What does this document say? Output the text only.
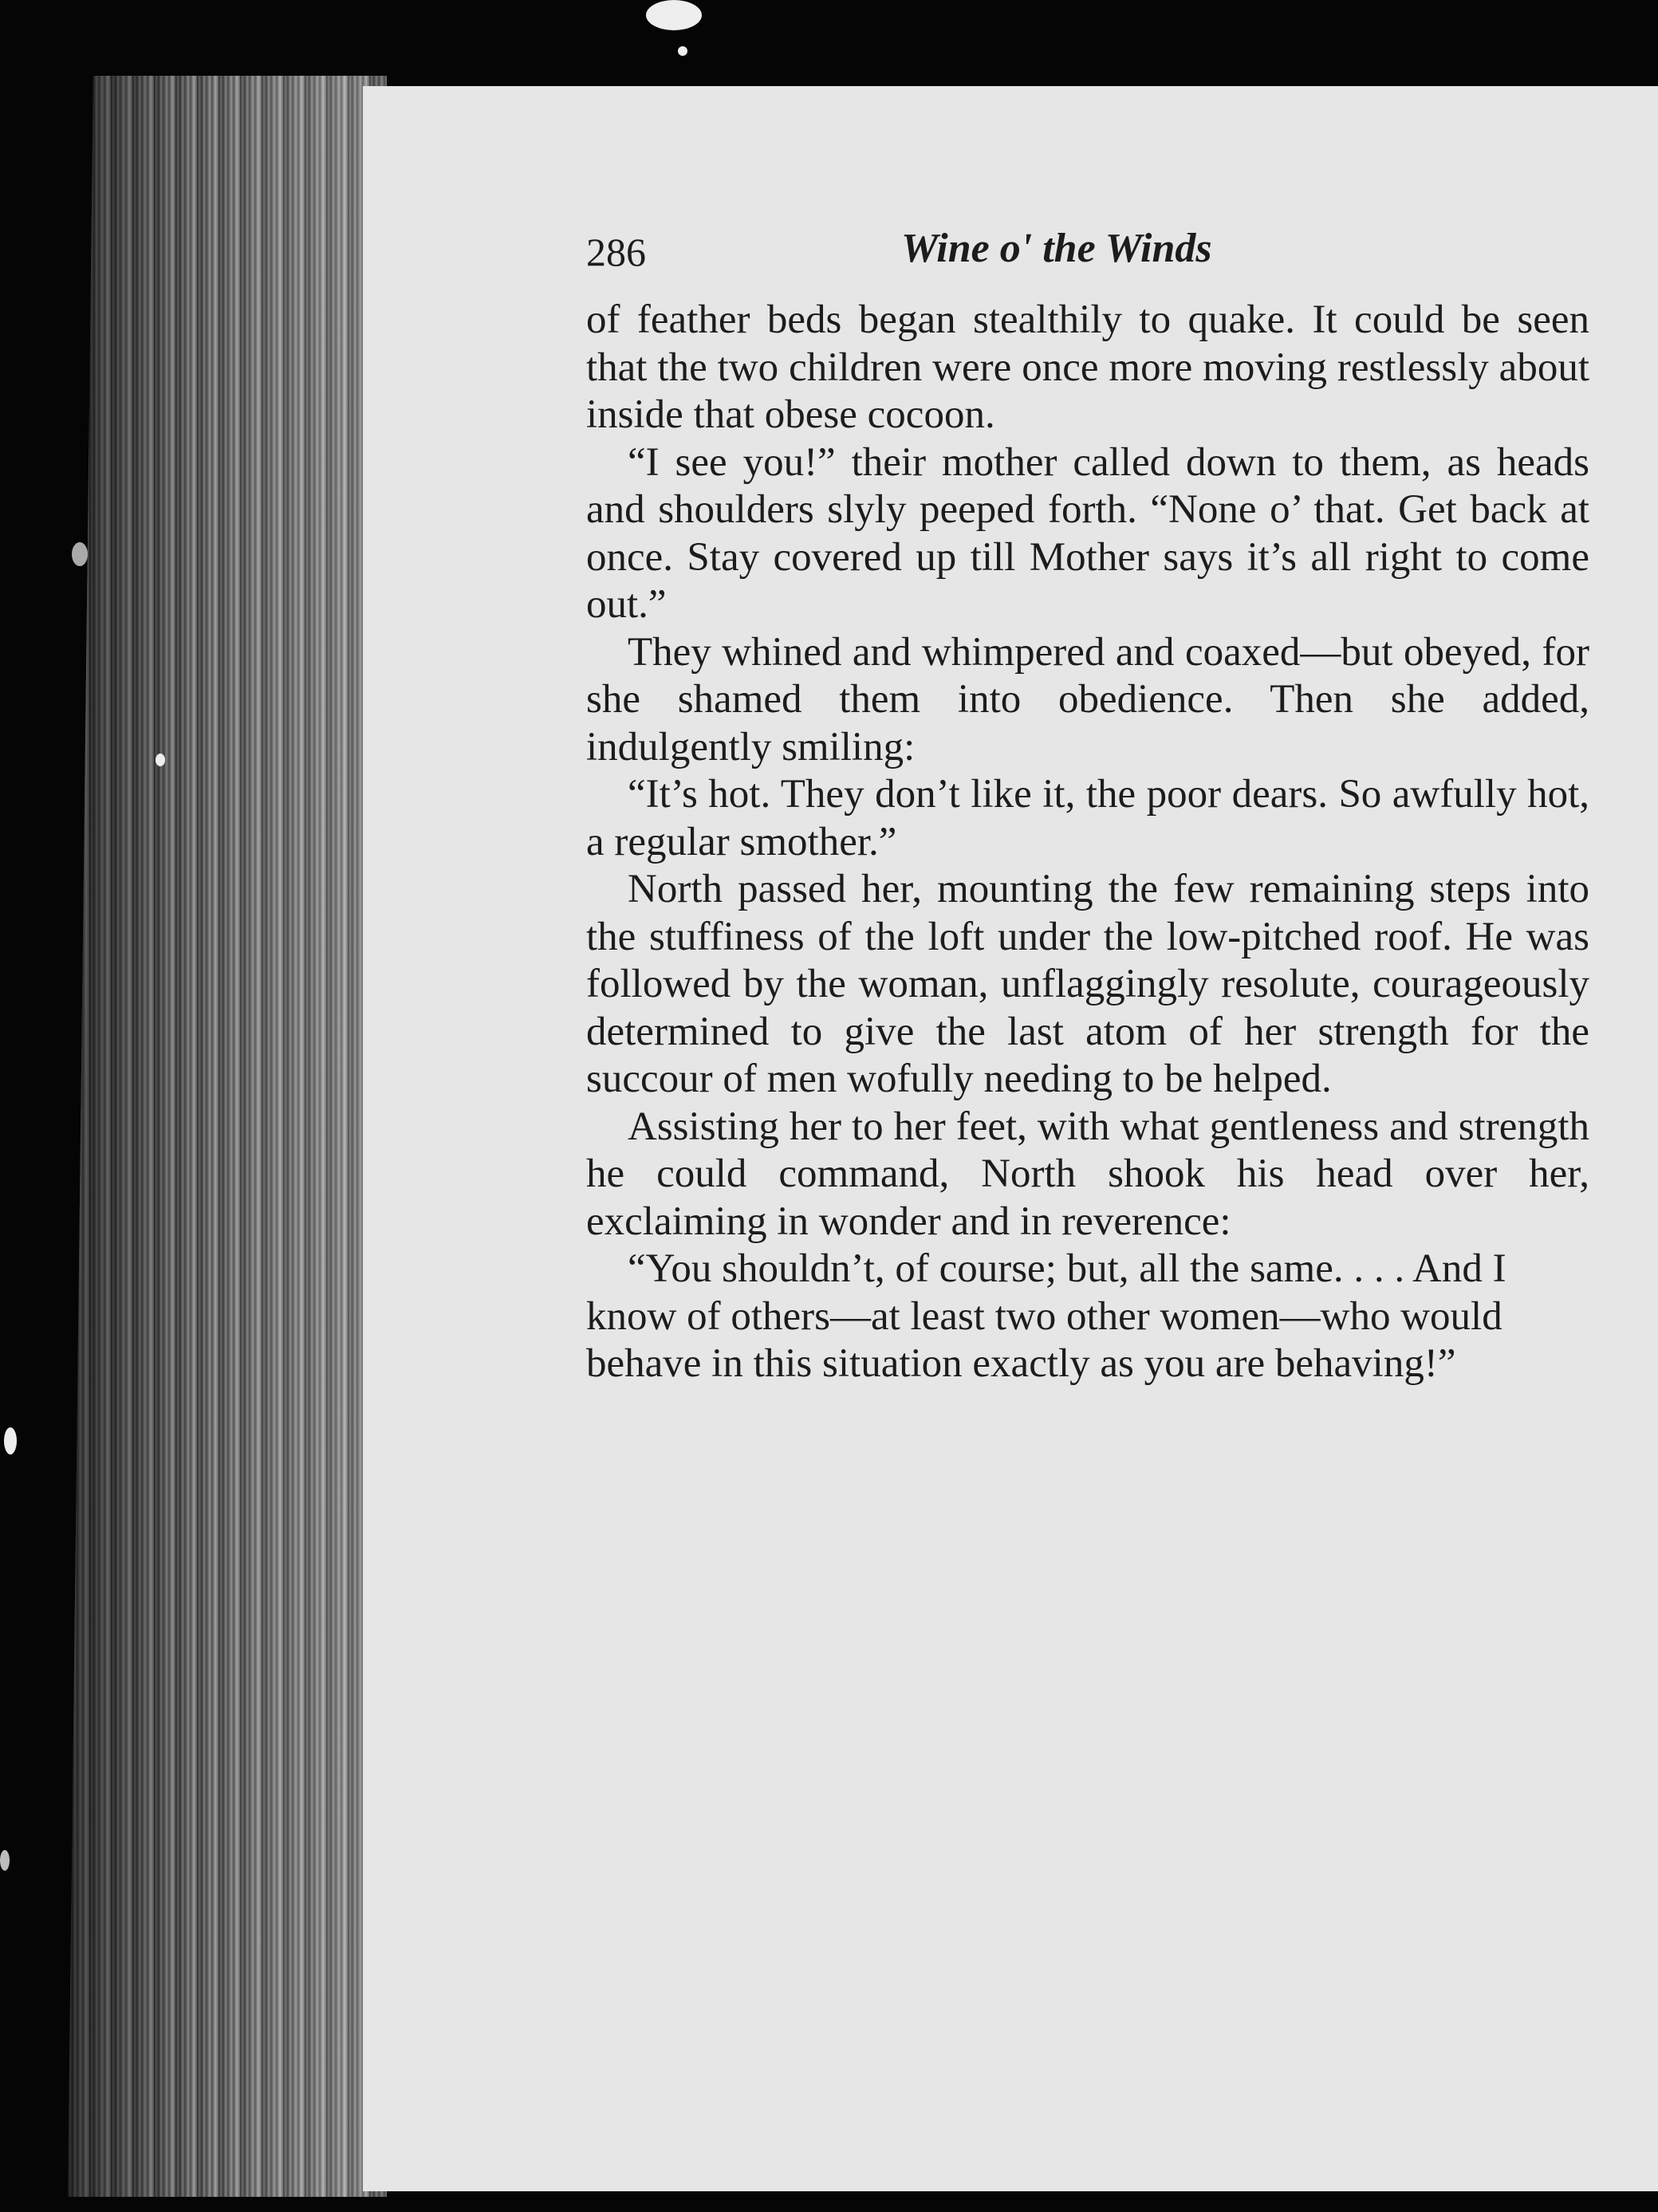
286	Wine o' the Winds

of feather beds began stealthily to quake. It could be seen that the two children were once more moving restlessly about inside that obese cocoon.

“I see you!” their mother called down to them, as heads and shoulders slyly peeped forth. “None o’ that. Get back at once. Stay covered up till Mother says it’s all right to come out.”

They whined and whimpered and coaxed—but obeyed, for she shamed them into obedience. Then she added, indulgently smiling:

“It’s hot. They don’t like it, the poor dears. So awfully hot, a regular smother.”

North passed her, mounting the few remaining steps into the stuffiness of the loft under the low-pitched roof. He was followed by the woman, unflaggingly resolute, courageously determined to give the last atom of her strength for the succour of men wofully needing to be helped.

Assisting her to her feet, with what gentleness and strength he could command, North shook his head over her, exclaiming in wonder and in reverence:

“You shouldn’t, of course; but, all the same. . . . And I know of others—at least two other women—who would behave in this situation exactly as you are behaving!”
